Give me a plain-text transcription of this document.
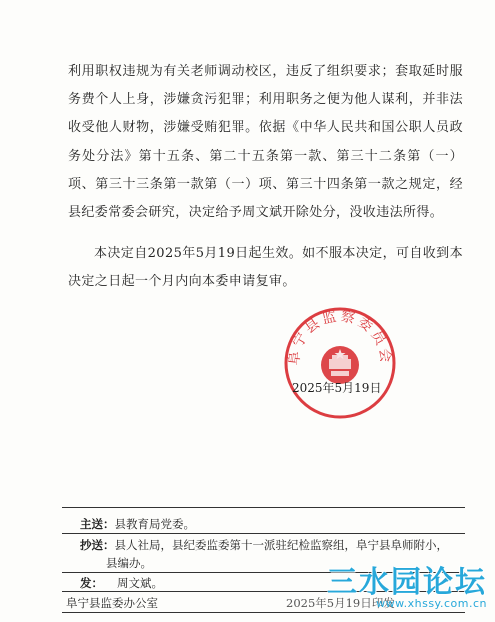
利用职权违规为有关老师调动校区，违反了组织要求；套取延时服务费个人上身，涉嫌贪污犯罪；利用职务之便为他人谋利，并非法收受他人财物，涉嫌受贿犯罪。依据《中华人民共和国公职人员政务处分法》第十五条、第二十五条第一款、第三十二条第（一）项、第三十三条第一款第（一）项、第三十四条第一款之规定，经县纪委常委会研究，决定给予周文斌开除处分，没收违法所得。

本决定自2025年5月19日起生效。如不服本决定，可自收到本决定之日起一个月内向本委申请复审。

阜宁县监察委员会
2025年5月19日
主送：县教育局党委。
抄送：县人社局，县纪委监委第十一派驻纪检监察组，阜宁县阜师附小，
县编办。
发： 周文斌。
阜宁县监委办公室	2025年5月19日印发
三水园论坛
www.xhssy.com.cn
